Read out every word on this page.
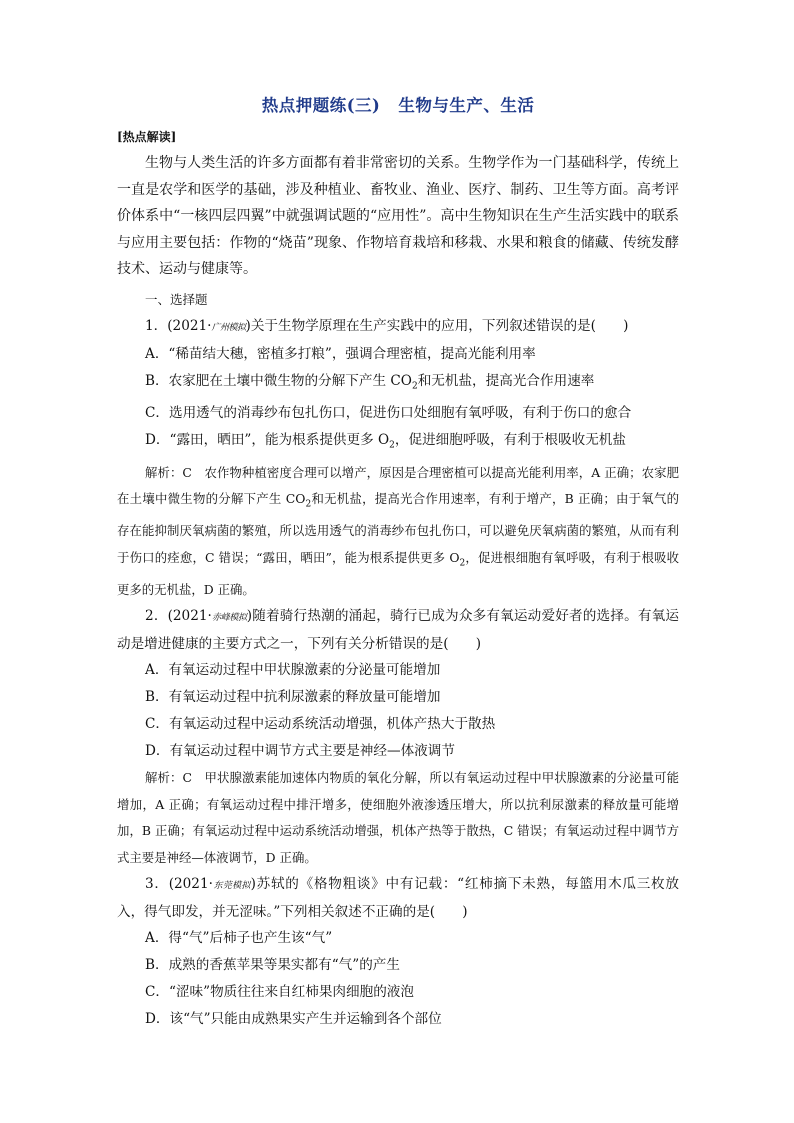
热点押题练(三) 生物与生产、生活
[热点解读]

生物与人类生活的许多方面都有着非常密切的关系。生物学作为一门基础科学，传统上一直是农学和医学的基础，涉及种植业、畜牧业、渔业、医疗、制药、卫生等方面。高考评价体系中“一核四层四翼”中就强调试题的“应用性”。高中生物知识在生产生活实践中的联系与应用主要包括：作物的“烧苗”现象、作物培育栽培和移栽、水果和粮食的储藏、传统发酵技术、运动与健康等。

一、选择题

1．(2021·广州模拟)关于生物学原理在生产实践中的应用，下列叙述错误的是(　　)

A．“稀苗结大穗，密植多打粮”，强调合理密植，提高光能利用率

B．农家肥在土壤中微生物的分解下产生 $CO_2$和无机盐，提高光合作用速率

C．选用透气的消毒纱布包扎伤口，促进伤口处细胞有氧呼吸，有利于伤口的愈合

D．“露田，晒田”，能为根系提供更多 $O_2$，促进细胞呼吸，有利于根吸收无机盐

解析：C　农作物种植密度合理可以增产，原因是合理密植可以提高光能利用率，A 正确；农家肥在土壤中微生物的分解下产生 $CO_2$和无机盐，提高光合作用速率，有利于增产，B 正确；由于氧气的存在能抑制厌氧病菌的繁殖，所以选用透气的消毒纱布包扎伤口，可以避免厌氧病菌的繁殖，从而有利于伤口的痊愈，C 错误；“露田，晒田”，能为根系提供更多 $O_2$，促进根细胞有氧呼吸，有利于根吸收更多的无机盐，D 正确。

2．(2021·赤峰模拟)随着骑行热潮的涌起，骑行已成为众多有氧运动爱好者的选择。有氧运动是增进健康的主要方式之一，下列有关分析错误的是(　　)

A．有氧运动过程中甲状腺激素的分泌量可能增加

B．有氧运动过程中抗利尿激素的释放量可能增加

C．有氧运动过程中运动系统活动增强，机体产热大于散热

D．有氧运动过程中调节方式主要是神经—体液调节

解析：C　甲状腺激素能加速体内物质的氧化分解，所以有氧运动过程中甲状腺激素的分泌量可能增加，A 正确；有氧运动过程中排汗增多，使细胞外液渗透压增大，所以抗利尿激素的释放量可能增加，B 正确；有氧运动过程中运动系统活动增强，机体产热等于散热，C 错误；有氧运动过程中调节方式主要是神经—体液调节，D 正确。

3．(2021·东莞模拟)苏轼的《格物粗谈》中有记载：“红柿摘下未熟，每篮用木瓜三枚放入，得气即发，并无涩味。”下列相关叙述不正确的是(　　)

A．得“气”后柿子也产生该“气”

B．成熟的香蕉苹果等果实都有“气”的产生

C．“涩味”物质往往来自红柿果肉细胞的液泡

D．该“气”只能由成熟果实产生并运输到各个部位
